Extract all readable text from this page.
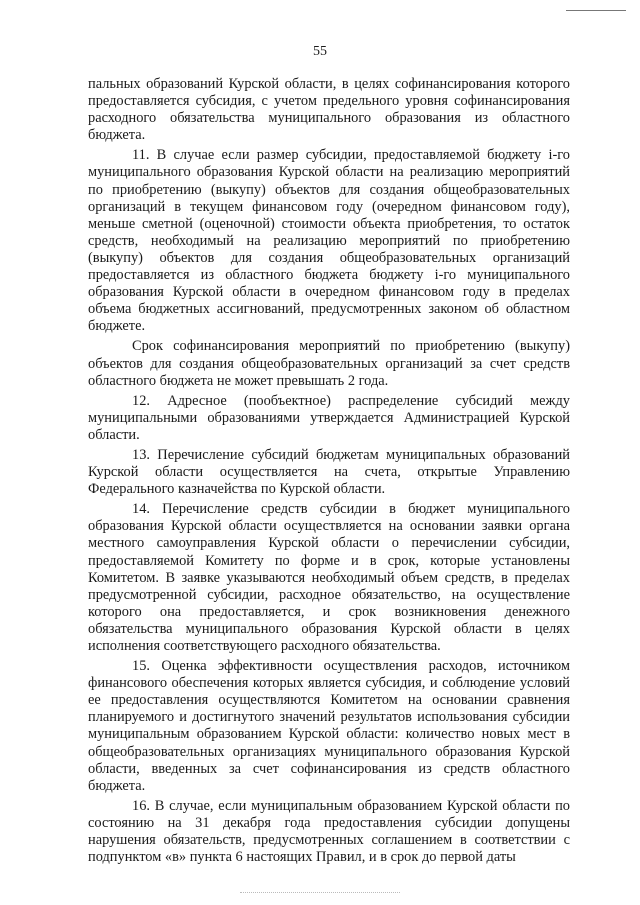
55

пальных образований Курской области, в целях софинансирования которого предоставляется субсидия, с учетом предельного уровня софинансирования расходного обязательства муниципального образования из областного бюджета.

11. В случае если размер субсидии, предоставляемой бюджету i-го муниципального образования Курской области на реализацию мероприятий по приобретению (выкупу) объектов для создания общеобразовательных организаций в текущем финансовом году (очередном финансовом году), меньше сметной (оценочной) стоимости объекта приобретения, то остаток средств, необходимый на реализацию мероприятий по приобретению (выкупу) объектов для создания общеобразовательных организаций предоставляется из областного бюджета бюджету i-го муниципального образования Курской области в очередном финансовом году в пределах объема бюджетных ассигнований, предусмотренных законом об областном бюджете.

Срок софинансирования мероприятий по приобретению (выкупу) объектов для создания общеобразовательных организаций за счет средств областного бюджета не может превышать 2 года.

12. Адресное (пообъектное) распределение субсидий между муниципальными образованиями утверждается Администрацией Курской области.

13. Перечисление субсидий бюджетам муниципальных образований Курской области осуществляется на счета, открытые Управлению Федерального казначейства по Курской области.

14. Перечисление средств субсидии в бюджет муниципального образования Курской области осуществляется на основании заявки органа местного самоуправления Курской области о перечислении субсидии, предоставляемой Комитету по форме и в срок, которые установлены Комитетом. В заявке указываются необходимый объем средств, в пределах предусмотренной субсидии, расходное обязательство, на осуществление которого она предоставляется, и срок возникновения денежного обязательства муниципального образования Курской области в целях исполнения соответствующего расходного обязательства.

15. Оценка эффективности осуществления расходов, источником финансового обеспечения которых является субсидия, и соблюдение условий ее предоставления осуществляются Комитетом на основании сравнения планируемого и достигнутого значений результатов использования субсидии муниципальным образованием Курской области: количество новых мест в общеобразовательных организациях муниципального образования Курской области, введенных за счет софинансирования из средств областного бюджета.

16. В случае, если муниципальным образованием Курской области по состоянию на 31 декабря года предоставления субсидии допущены нарушения обязательств, предусмотренных соглашением в соответствии с подпунктом «в» пункта 6 настоящих Правил, и в срок до первой даты
